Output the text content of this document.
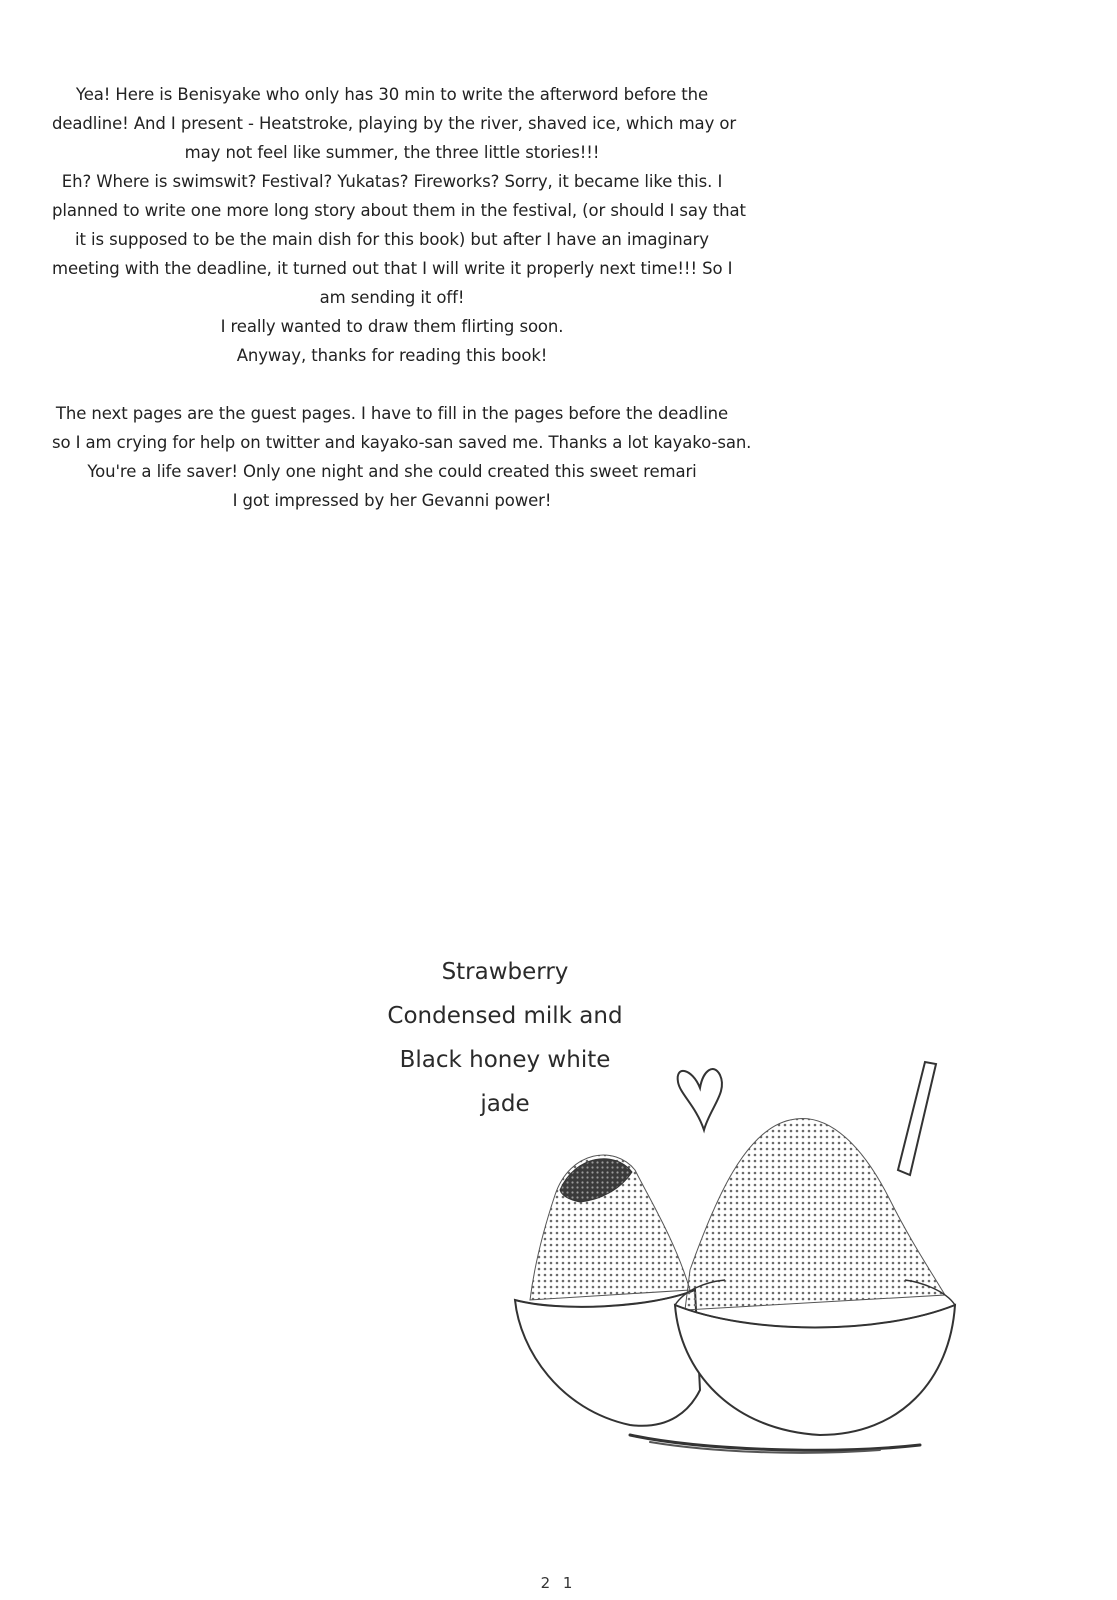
Yea! Here is Benisyake who only has 30 min to write the afterword before the
deadline! And I present - Heatstroke, playing by the river, shaved ice, which may or
may not feel like summer, the three little stories!!!
Eh? Where is swimswit? Festival? Yukatas? Fireworks? Sorry, it became like this. I
planned to write one more long story about them in the festival, (or should I say that
it is supposed to be the main dish for this book) but after I have an imaginary
meeting with the deadline, it turned out that I will write it properly next time!!! So I
am sending it off!
I really wanted to draw them flirting soon.
Anyway, thanks for reading this book!
The next pages are the guest pages. I have to fill in the pages before the deadline
so I am crying for help on twitter and kayako-san saved me. Thanks a lot kayako-san.
You're a life saver! Only one night and she could created this sweet remari
I got impressed by her Gevanni power!
Strawberry
Condensed milk and
Black honey white
jade
2 1
